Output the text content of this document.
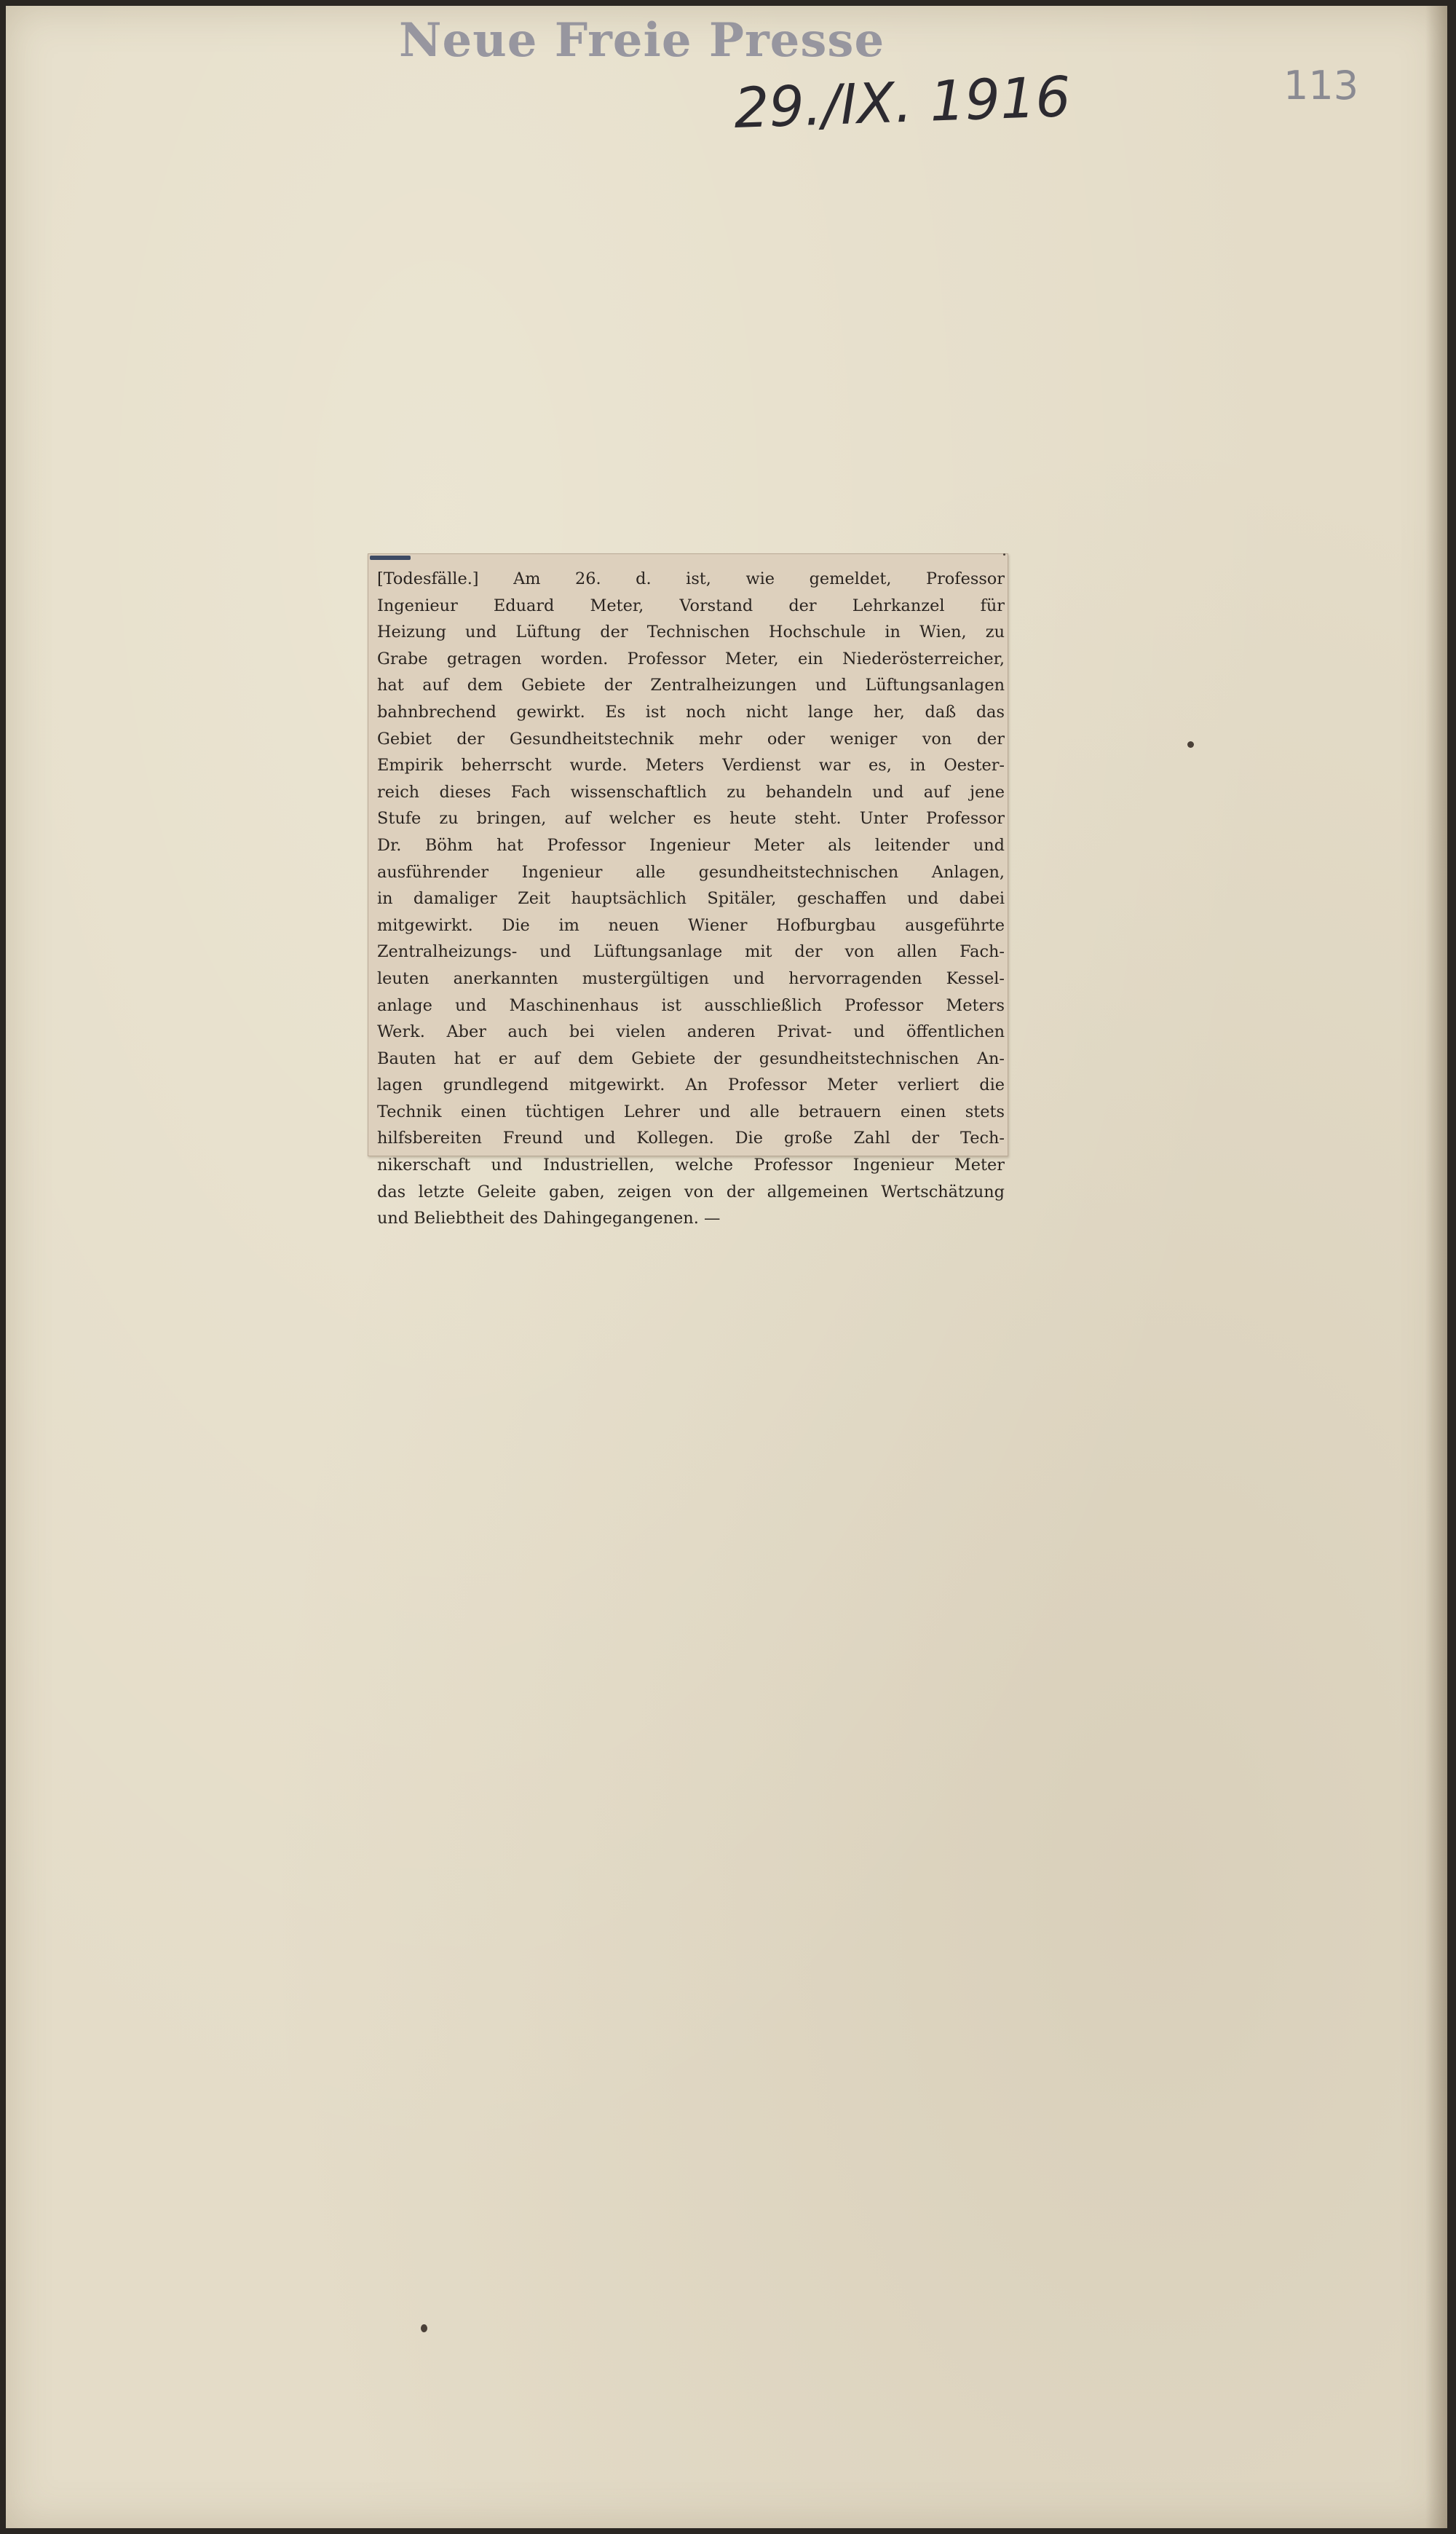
Neue Freie Presse
29./IX. 1916	113
[Todesfälle.] Am 26. d. ist, wie gemeldet, Professor
Ingenieur Eduard Meter, Vorstand der Lehrkanzel für
Heizung und Lüftung der Technischen Hochschule in Wien, zu
Grabe getragen worden. Professor Meter, ein Niederösterreicher,
hat auf dem Gebiete der Zentralheizungen und Lüftungsanlagen
bahnbrechend gewirkt. Es ist noch nicht lange her, daß das
Gebiet der Gesundheitstechnik mehr oder weniger von der
Empirik beherrscht wurde. Meters Verdienst war es, in Oester-
reich dieses Fach wissenschaftlich zu behandeln und auf jene
Stufe zu bringen, auf welcher es heute steht. Unter Professor
Dr. Böhm hat Professor Ingenieur Meter als leitender und
ausführender Ingenieur alle gesundheitstechnischen Anlagen,
in damaliger Zeit hauptsächlich Spitäler, geschaffen und dabei
mitgewirkt. Die im neuen Wiener Hofburgbau ausgeführte
Zentralheizungs- und Lüftungsanlage mit der von allen Fach-
leuten anerkannten mustergültigen und hervorragenden Kessel-
anlage und Maschinenhaus ist ausschließlich Professor Meters
Werk. Aber auch bei vielen anderen Privat- und öffentlichen
Bauten hat er auf dem Gebiete der gesundheitstechnischen An-
lagen grundlegend mitgewirkt. An Professor Meter verliert die
Technik einen tüchtigen Lehrer und alle betrauern einen stets
hilfsbereiten Freund und Kollegen. Die große Zahl der Tech-
nikerschaft und Industriellen, welche Professor Ingenieur Meter
das letzte Geleite gaben, zeigen von der allgemeinen Wertschätzung
und Beliebtheit des Dahingegangenen. —
